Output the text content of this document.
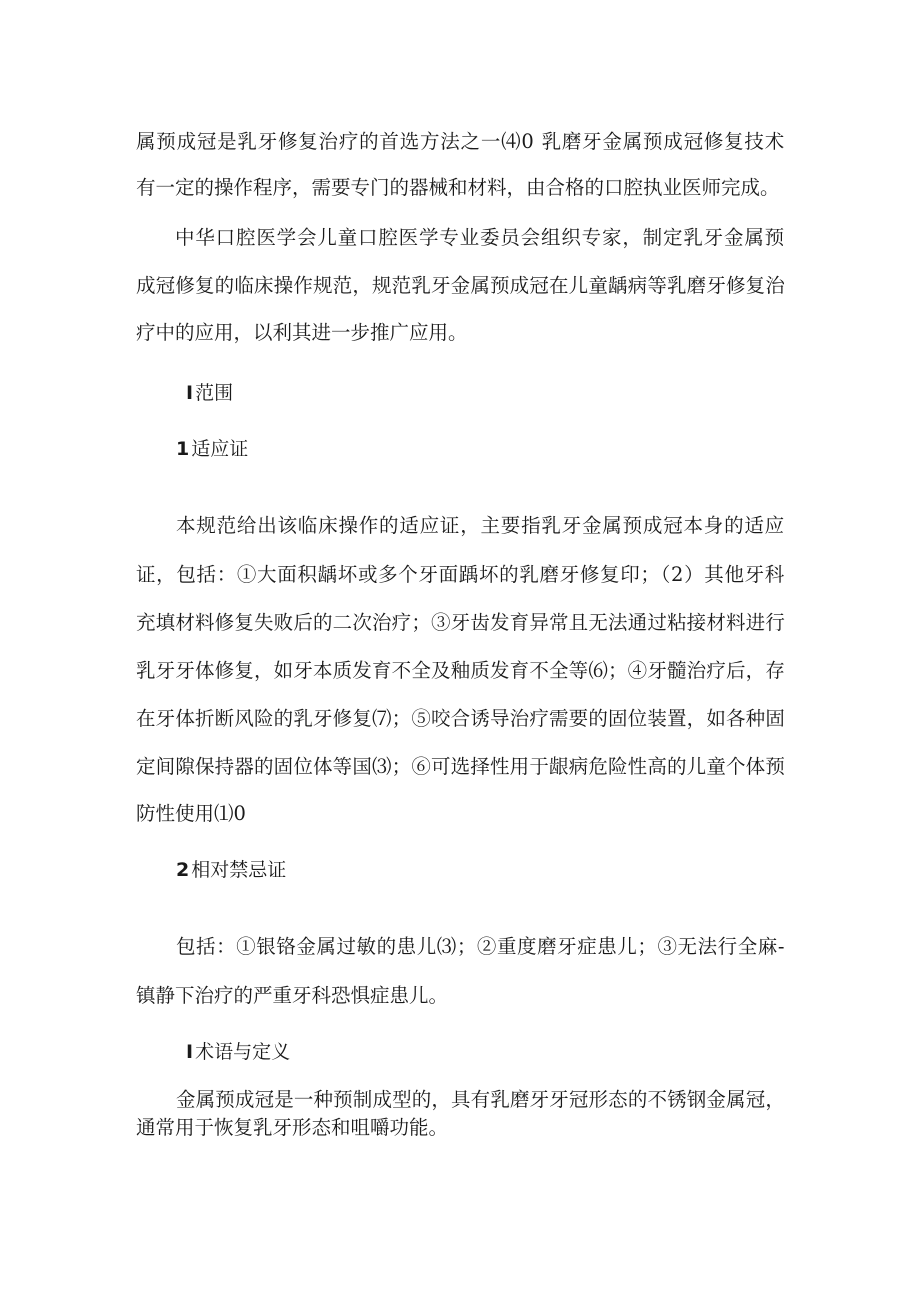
属预成冠是乳牙修复治疗的首选方法之一⑷0 乳磨牙金属预成冠修复技术
有一定的操作程序，需要专门的器械和材料，由合格的口腔执业医师完成。
中华口腔医学会儿童口腔医学专业委员会组织专家，制定乳牙金属预
成冠修复的临床操作规范，规范乳牙金属预成冠在儿童龋病等乳磨牙修复治
疗中的应用，以利其进一步推广应用。
I 范围
1 适应证
本规范给出该临床操作的适应证，主要指乳牙金属预成冠本身的适应
证，包括：①大面积龋坏或多个牙面踽坏的乳磨牙修复印；（2）其他牙科
充填材料修复失败后的二次治疗；③牙齿发育异常且无法通过粘接材料进行
乳牙牙体修复，如牙本质发育不全及釉质发育不全等⑹；④牙髓治疗后，存
在牙体折断风险的乳牙修复⑺；⑤咬合诱导治疗需要的固位装置，如各种固
定间隙保持器的固位体等国⑶；⑥可选择性用于龈病危险性高的儿童个体预
防性使用⑴0
2 相对禁忌证
包括：①银铬金属过敏的患儿⑶；②重度磨牙症患儿；③无法行全麻-
镇静下治疗的严重牙科恐惧症患儿。
I 术语与定义
金属预成冠是一种预制成型的，具有乳磨牙牙冠形态的不锈钢金属冠，
通常用于恢复乳牙形态和咀嚼功能。
